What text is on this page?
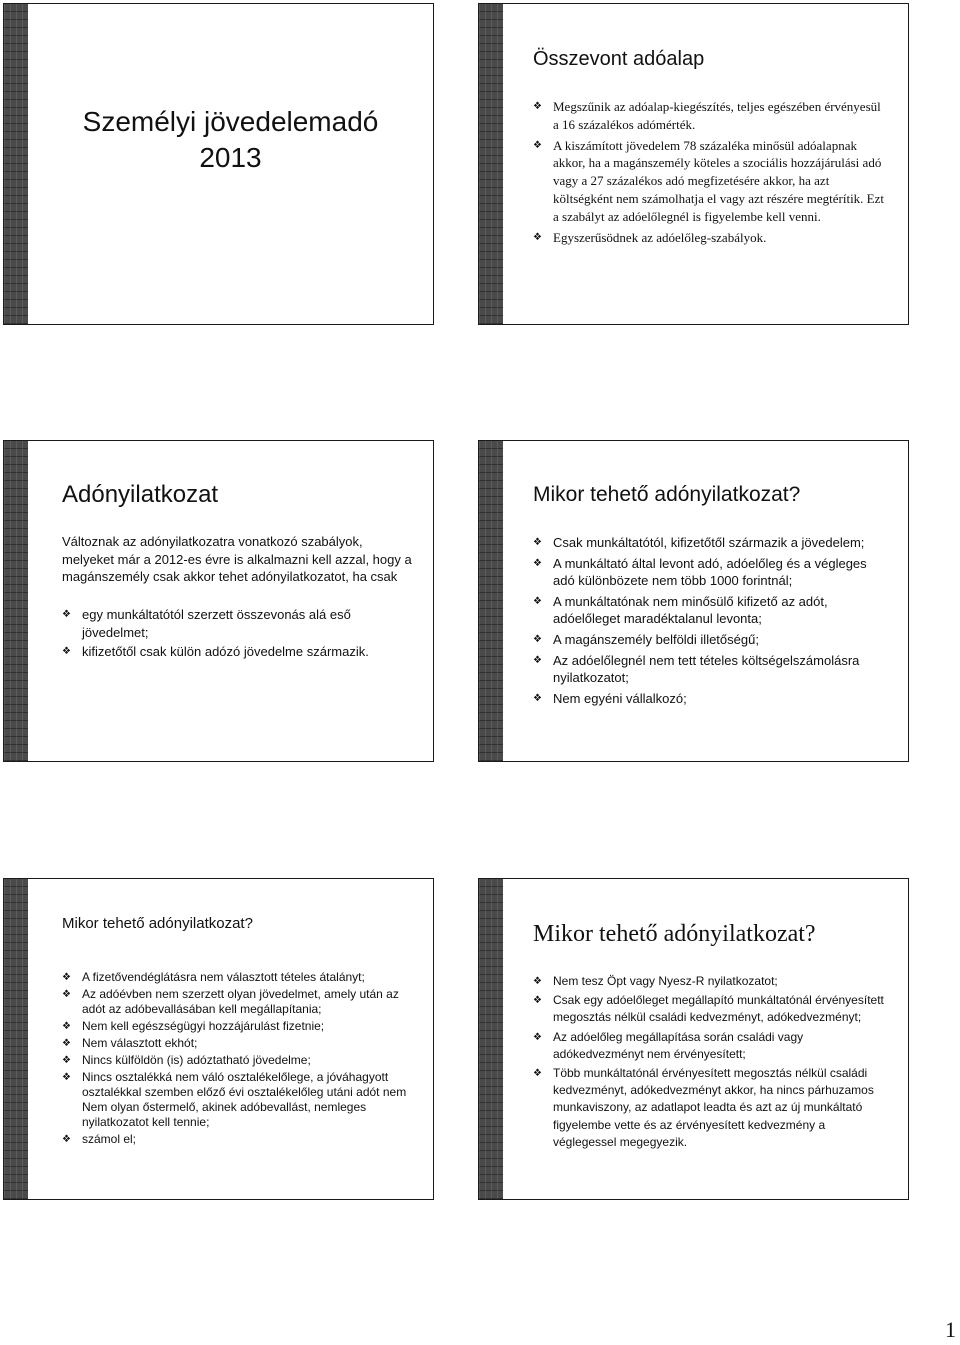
Személyi jövedelemadó
2013
Összevont adóalap
❖ Megszűnik az adóalap-kiegészítés, teljes egészében érvényesül a 16 százalékos adómérték.
❖ A kiszámított jövedelem 78 százaléka minősül adóalapnak akkor, ha a magánszemély köteles a szociális hozzájárulási adó vagy a 27 százalékos adó megfizetésére akkor, ha azt költségként nem számolhatja el vagy azt részére megtérítik. Ezt a szabályt az adóelőlegnél is figyelembe kell venni.
❖ Egyszerűsödnek az adóelőleg-szabályok.
Adónyilatkozat
Változnak az adónyilatkozatra vonatkozó szabályok, melyeket már a 2012-es évre is alkalmazni kell azzal, hogy a magánszemély csak akkor tehet adónyilatkozatot, ha csak
❖ egy munkáltatótól szerzett összevonás alá eső jövedelmet;
❖ kifizetőtől csak külön adózó jövedelme származik.
Mikor tehető adónyilatkozat?
❖ Csak munkáltatótól, kifizetőtől származik a jövedelem;
❖ A munkáltató által levont adó, adóelőleg és a végleges adó különbözete nem több 1000 forintnál;
❖ A munkáltatónak nem minősülő kifizető az adót, adóelőleget maradéktalanul levonta;
❖ A magánszemély belföldi illetőségű;
❖ Az adóelőlegnél nem tett tételes költségelszámolásra nyilatkozatot;
❖ Nem egyéni vállalkozó;
Mikor tehető adónyilatkozat?
❖ A fizetővendéglátásra nem választott tételes átalányt;
❖ Az adóévben nem szerzett olyan jövedelmet, amely után az adót az adóbevallásában kell megállapítania;
❖ Nem kell egészségügyi hozzájárulást fizetnie;
❖ Nem választott ekhót;
❖ Nincs külföldön (is) adóztatható jövedelme;
❖ Nincs osztalékká nem váló osztalékelőlege, a jóváhagyott osztalékkal szemben előző évi osztalékelőleg utáni adót nem Nem olyan őstermelő, akinek adóbevallást, nemleges nyilatkozatot kell tennie;
❖ számol el;
Mikor tehető adónyilatkozat?
❖ Nem tesz Öpt vagy Nyesz-R nyilatkozatot;
❖ Csak egy adóelőleget megállapító munkáltatónál érvényesített megosztás nélkül családi kedvezményt, adókedvezményt;
❖ Az adóelőleg megállapítása során családi vagy adókedvezményt nem érvényesített;
❖ Több munkáltatónál érvényesített megosztás nélkül családi kedvezményt, adókedvezményt akkor, ha nincs párhuzamos munkaviszony, az adatlapot leadta és azt az új munkáltató figyelembe vette és az érvényesített kedvezmény a véglegessel megegyezik.
1
